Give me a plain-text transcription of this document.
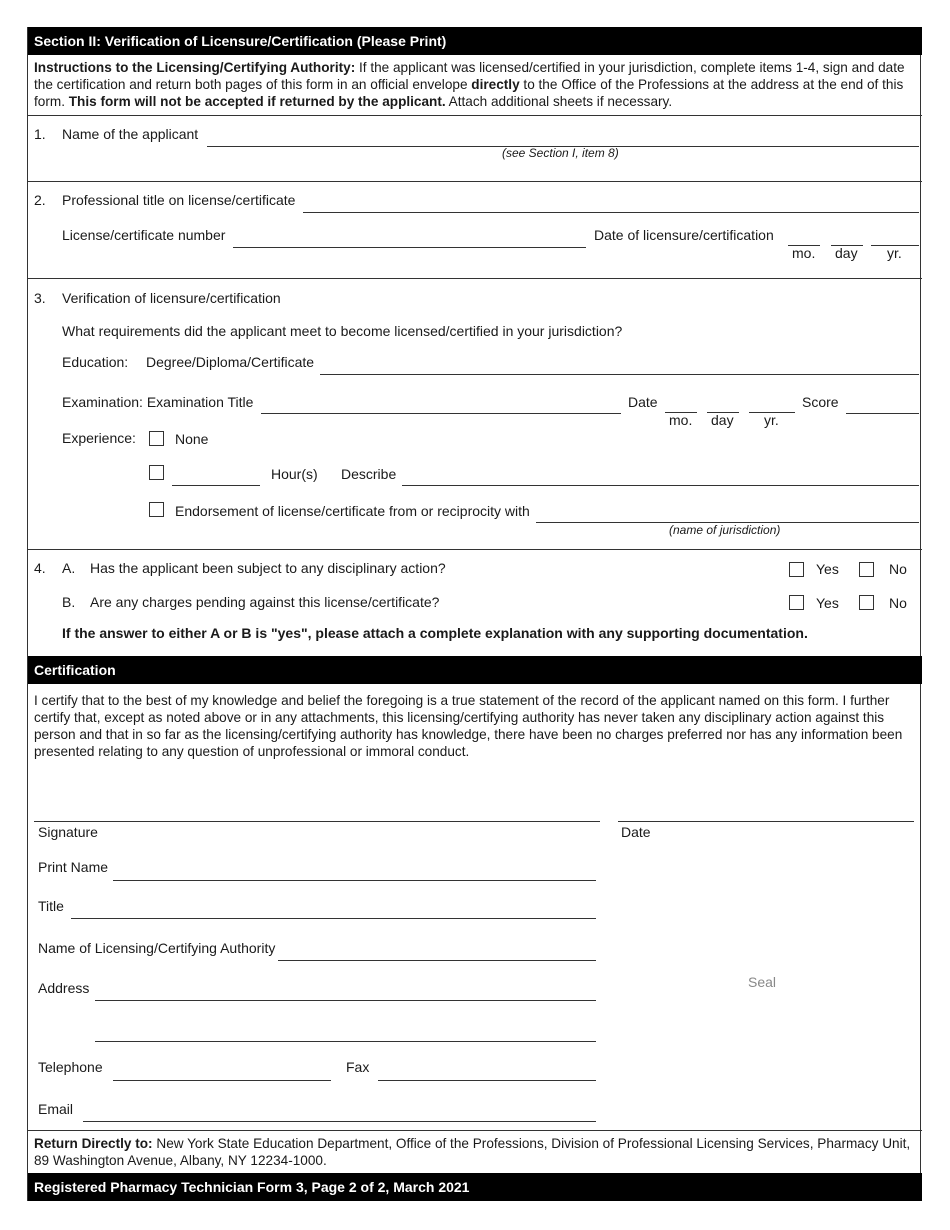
Section II: Verification of Licensure/Certification (Please Print)
Instructions to the Licensing/Certifying Authority: If the applicant was licensed/certified in your jurisdiction, complete items 1-4, sign and date the certification and return both pages of this form in an official envelope directly to the Office of the Professions at the address at the end of this form. This form will not be accepted if returned by the applicant. Attach additional sheets if necessary.
1. Name of the applicant
(see Section I, item 8)
2. Professional title on license/certificate
License/certificate number	Date of licensure/certification
mo. day yr.
3. Verification of licensure/certification
What requirements did the applicant meet to become licensed/certified in your jurisdiction?
Education: Degree/Diploma/Certificate
Examination: Examination Title	Date
mo. day yr.
Score
Experience:	None
Hour(s) Describe
Endorsement of license/certificate from or reciprocity with
(name of jurisdiction)
4. A. Has the applicant been subject to any disciplinary action?	Yes	No
B. Are any charges pending against this license/certificate?	Yes	No
If the answer to either A or B is "yes", please attach a complete explanation with any supporting documentation.
Certification
I certify that to the best of my knowledge and belief the foregoing is a true statement of the record of the applicant named on this form. I further certify that, except as noted above or in any attachments, this licensing/certifying authority has never taken any disciplinary action against this person and that in so far as the licensing/certifying authority has knowledge, there have been no charges preferred nor has any information been presented relating to any question of unprofessional or immoral conduct.
Signature	Date
Print Name
Title
Name of Licensing/Certifying Authority
Address
Telephone	Fax
Email
Seal
Return Directly to: New York State Education Department, Office of the Professions, Division of Professional Licensing Services, Pharmacy Unit, 89 Washington Avenue, Albany, NY 12234-1000.
Registered Pharmacy Technician Form 3, Page 2 of 2, March 2021
